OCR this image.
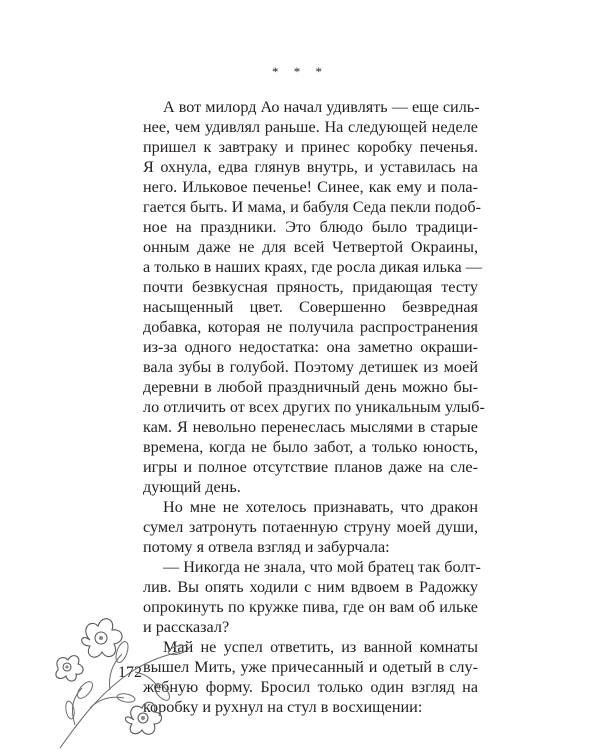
* * *
А вот милорд Ао начал удивлять — еще силь-
нее, чем удивлял раньше. На следующей неделе
пришел к завтраку и принес коробку печенья.
Я охнула, едва глянув внутрь, и уставилась на
него. Ильковое печенье! Синее, как ему и пола-
гается быть. И мама, и бабуля Седа пекли подоб-
ное на праздники. Это блюдо было традици-
онным даже не для всей Четвертой Окраины,
а только в наших краях, где росла дикая илька —
почти безвкусная пряность, придающая тесту
насыщенный цвет. Совершенно безвредная
добавка, которая не получила распространения
из-за одного недостатка: она заметно окраши-
вала зубы в голубой. Поэтому детишек из моей
деревни в любой праздничный день можно бы-
ло отличить от всех других по уникальным улыб-
кам. Я невольно перенеслась мыслями в старые
времена, когда не было забот, а только юность,
игры и полное отсутствие планов даже на сле-
дующий день.
Но мне не хотелось признавать, что дракон
сумел затронуть потаенную струну моей души,
потому я отвела взгляд и забурчала:
— Никогда не знала, что мой братец так болт-
лив. Вы опять ходили с ним вдвоем в Радожку
опрокинуть по кружке пива, где он вам об ильке
и рассказал?
Май не успел ответить, из ванной комнаты
вышел Мить, уже причесанный и одетый в слу-
жебную форму. Бросил только один взгляд на
коробку и рухнул на стул в восхищении:
172
